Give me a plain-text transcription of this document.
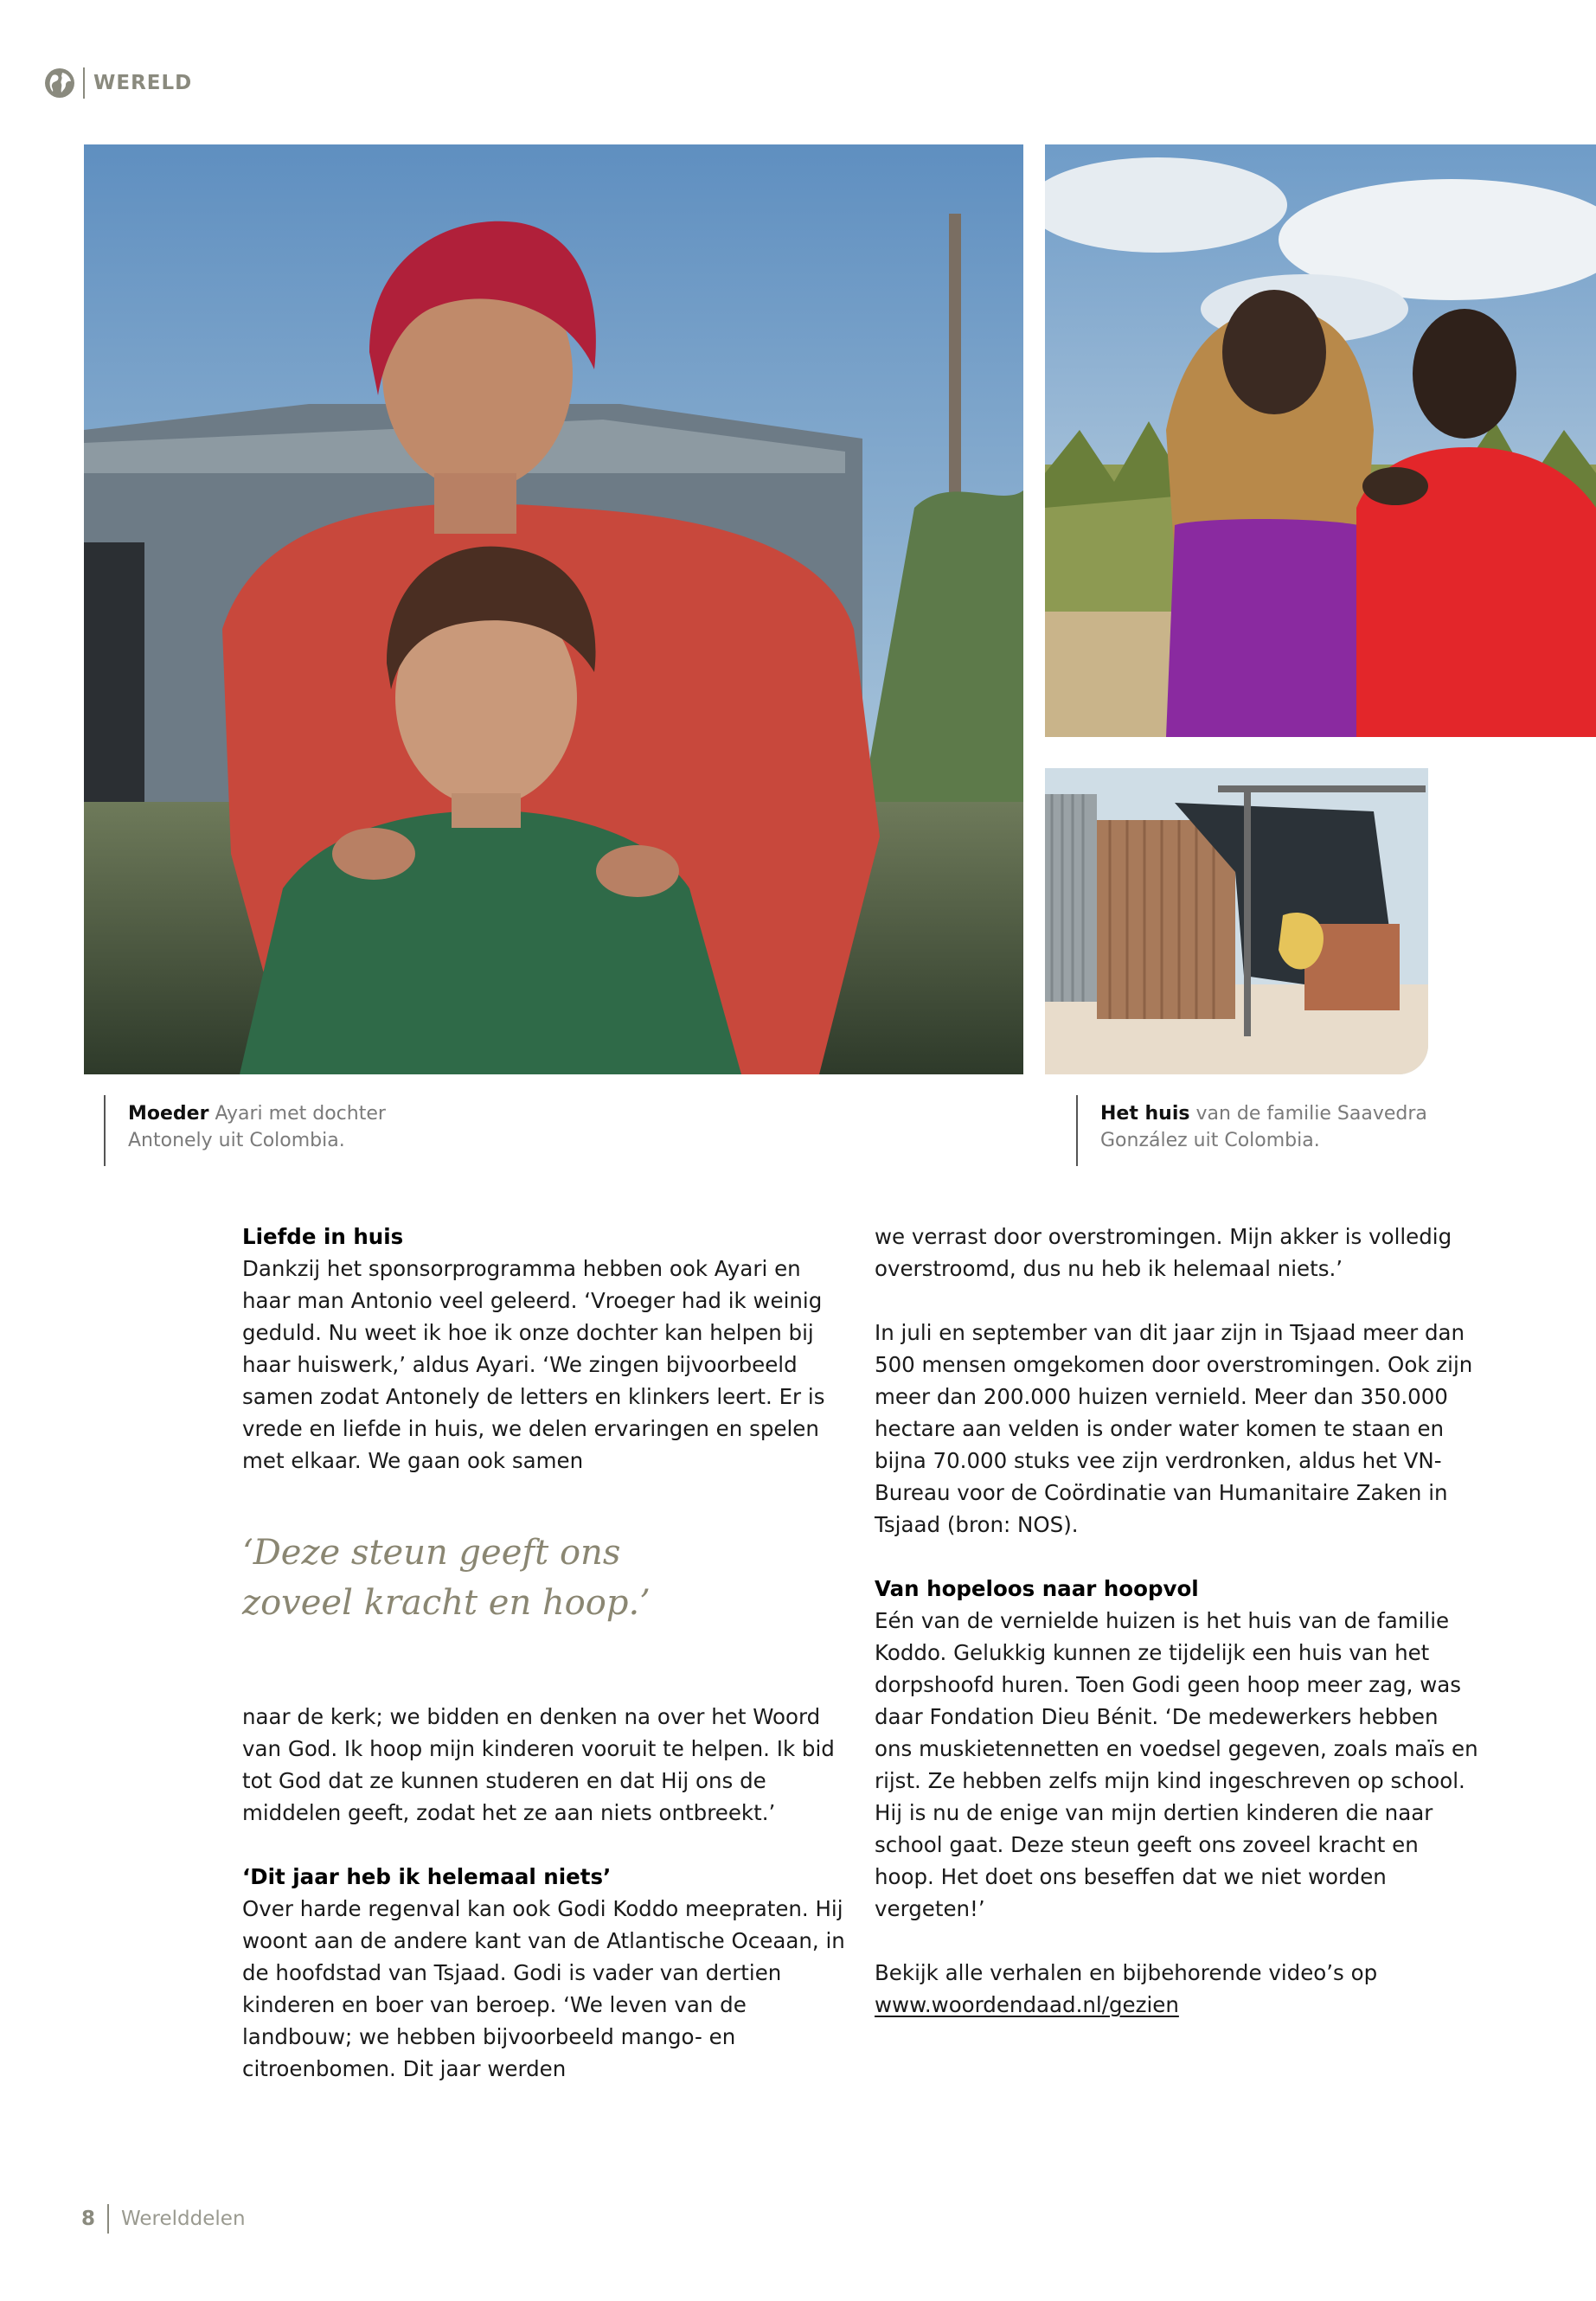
WERELD
Moeder Ayari met dochter Antonely uit Colombia.
Het huis van de familie Saavedra González uit Colombia.
Liefde in huis

Dankzij het sponsorprogramma hebben ook Ayari en haar man Antonio veel geleerd. ‘Vroeger had ik weinig geduld. Nu weet ik hoe ik onze dochter kan helpen bij haar huiswerk,’ aldus Ayari. ‘We zingen bijvoorbeeld samen zodat Antonely de letters en klinkers leert. Er is vrede en liefde in huis, we delen ervaringen en spelen met elkaar. We gaan ook samen

‘Deze steun geeft ons zoveel kracht en hoop.’

naar de kerk; we bidden en denken na over het Woord van God. Ik hoop mijn kinderen vooruit te helpen. Ik bid tot God dat ze kunnen studeren en dat Hij ons de middelen geeft, zodat het ze aan niets ontbreekt.’

‘Dit jaar heb ik helemaal niets’

Over harde regenval kan ook Godi Koddo meepraten. Hij woont aan de andere kant van de Atlantische Oceaan, in de hoofdstad van Tsjaad. Godi is vader van dertien kinderen en boer van beroep. ‘We leven van de landbouw; we hebben bijvoorbeeld mango- en citroenbomen. Dit jaar werden

we verrast door overstromingen. Mijn akker is volledig overstroomd, dus nu heb ik helemaal niets.’

In juli en september van dit jaar zijn in Tsjaad meer dan 500 mensen omgekomen door overstromingen. Ook zijn meer dan 200.000 huizen vernield. Meer dan 350.000 hectare aan velden is onder water komen te staan en bijna 70.000 stuks vee zijn verdronken, aldus het VN-Bureau voor de Coördinatie van Humanitaire Zaken in Tsjaad (bron: NOS).

Van hopeloos naar hoopvol

Eén van de vernielde huizen is het huis van de familie Koddo. Gelukkig kunnen ze tijdelijk een huis van het dorpshoofd huren. Toen Godi geen hoop meer zag, was daar Fondation Dieu Bénit. ‘De medewerkers hebben ons muskietennetten en voedsel gegeven, zoals maïs en rijst. Ze hebben zelfs mijn kind ingeschreven op school. Hij is nu de enige van mijn dertien kinderen die naar school gaat. Deze steun geeft ons zoveel kracht en hoop. Het doet ons beseffen dat we niet worden vergeten!’

Bekijk alle verhalen en bijbehorende video’s op

www.woordendaad.nl/gezien

8 Werelddelen
